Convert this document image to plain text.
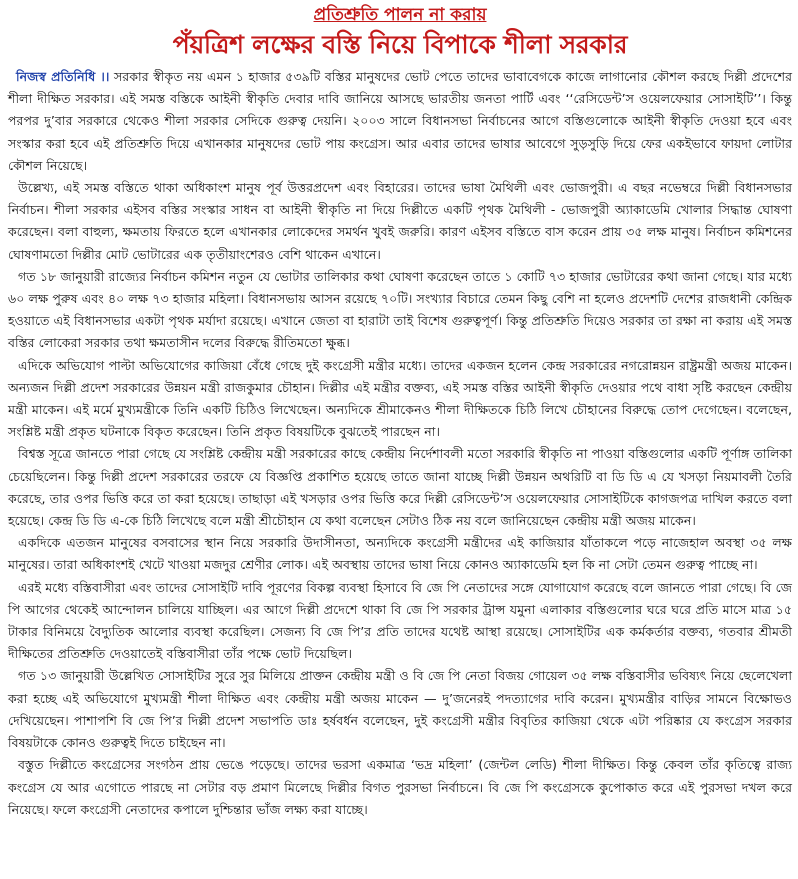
প্রতিশ্রুতি পালন না করায়
পঁয়ত্রিশ লক্ষের বস্তি নিয়ে বিপাকে শীলা সরকার

নিজস্ব প্রতিনিধি ।। সরকার স্বীকৃত নয় এমন ১ হাজার ৫৩৯টি বস্তির মানুষদের ভোট পেতে তাদের ভাবাবেগকে কাজে লাগানোর কৌশল করছে দিল্লী প্রদেশের শীলা দীক্ষিত সরকার। এই সমস্ত বস্তিকে আইনী স্বীকৃতি দেবার দাবি জানিয়ে আসছে ভারতীয় জনতা পার্টি এবং ‘‘রেসিডেন্ট’স ওয়েলফেয়ার সোসাইটি’’। কিন্তু পরপর দু’বার সরকারে থেকেও শীলা সরকার সেদিকে গুরুত্ব দেয়নি। ২০০৩ সালে বিধানসভা নির্বাচনের আগে বস্তিগুলোকে আইনী স্বীকৃতি দেওয়া হবে এবং সংস্কার করা হবে এই প্রতিশ্রুতি দিয়ে এখানকার মানুষদের ভোট পায় কংগ্রেস। আর এবার তাদের ভাষার আবেগে সুড়সুড়ি দিয়ে ফের একইভাবে ফায়দা লোটার কৌশল নিয়েছে।

উল্লেখ্য, এই সমস্ত বস্তিতে থাকা অধিকাংশ মানুষ পূর্ব উত্তরপ্রদেশ এবং বিহারের। তাদের ভাষা মৈথিলী এবং ভোজপুরী। এ বছর নভেম্বরে দিল্লী বিধানসভার নির্বাচন। শীলা সরকার এইসব বস্তির সংস্কার সাধন বা আইনী স্বীকৃতি না দিয়ে দিল্লীতে একটি পৃথক মৈথিলী - ভোজপুরী অ্যাকাডেমি খোলার সিদ্ধান্ত ঘোষণা করেছেন। বলা বাহুল্য, ক্ষমতায় ফিরতে হলে এখানকার লোকেদের সমর্থন খুবই জরুরি। কারণ এইসব বস্তিতে বাস করেন প্রায় ৩৫ লক্ষ মানুষ। নির্বাচন কমিশনের ঘোষণামতো দিল্লীর মোট ভোটারের এক তৃতীয়াংশেরও বেশি থাকেন এখানে।

গত ১৮ জানুয়ারী রাজ্যের নির্বাচন কমিশন নতুন যে ভোটার তালিকার কথা ঘোষণা করেছেন তাতে ১ কোটি ৭৩ হাজার ভোটারের কথা জানা গেছে। যার মধ্যে ৬০ লক্ষ পুরুষ এবং ৪০ লক্ষ ৭৩ হাজার মহিলা। বিধানসভায় আসন রয়েছে ৭০টি। সংখ্যার বিচারে তেমন কিছু বেশি না হলেও প্রদেশটি দেশের রাজধানী কেন্দ্রিক হওয়াতে এই বিধানসভার একটা পৃথক মর্যাদা রয়েছে। এখানে জেতা বা হারাটা তাই বিশেষ গুরুত্বপূর্ণ। কিন্তু প্রতিশ্রুতি দিয়েও সরকার তা রক্ষা না করায় এই সমস্ত বস্তির লোকেরা সরকার তথা ক্ষমতাসীন দলের বিরুদ্ধে রীতিমতো ক্ষুব্ধ।

এদিকে অভিযোগ পাল্টা অভিযোগের কাজিয়া বেঁধে গেছে দুই কংগ্রেসী মন্ত্রীর মধ্যে। তাদের একজন হলেন কেন্দ্র সরকারের নগরোন্নয়ন রাষ্ট্রমন্ত্রী অজয় মাকেন। অন্যজন দিল্লী প্রদেশ সরকারের উন্নয়ন মন্ত্রী রাজকুমার চৌহান। দিল্লীর এই মন্ত্রীর বক্তব্য, এই সমস্ত বস্তির আইনী স্বীকৃতি দেওয়ার পথে বাধা সৃষ্টি করছেন কেন্দ্রীয় মন্ত্রী মাকেন। এই মর্মে মুখ্যমন্ত্রীকে তিনি একটি চিঠিও লিখেছেন। অন্যদিকে শ্রীমাকেনও শীলা দীক্ষিতকে চিঠি লিখে চৌহানের বিরুদ্ধে তোপ দেগেছেন। বলেছেন, সংশ্লিষ্ট মন্ত্রী প্রকৃত ঘটনাকে বিকৃত করেছেন। তিনি প্রকৃত বিষয়টিকে বুঝতেই পারছেন না।

বিশ্বস্ত সূত্রে জানতে পারা গেছে যে সংশ্লিষ্ট কেন্দ্রীয় মন্ত্রী সরকারের কাছে কেন্দ্রীয় নির্দেশাবলী মতো সরকারি স্বীকৃতি না পাওয়া বস্তিগুলোর একটি পূর্ণাঙ্গ তালিকা চেয়েছিলেন। কিন্তু দিল্লী প্রদেশ সরকারের তরফে যে বিজ্ঞপ্তি প্রকাশিত হয়েছে তাতে জানা যাচ্ছে দিল্লী উন্নয়ন অথরিটি বা ডি ডি এ যে খসড়া নিয়মাবলী তৈরি করেছে, তার ওপর ভিত্তি করে তা করা হয়েছে। তাছাড়া এই খসড়ার ওপর ভিত্তি করে দিল্লী রেসিডেন্ট’স ওয়েলফেয়ার সোসাইটিকে কাগজপত্র দাখিল করতে বলা হয়েছে। কেন্দ্র ডি ডি এ-কে চিঠি লিখেছে বলে মন্ত্রী শ্রীচৌহান যে কথা বলেছেন সেটাও ঠিক নয় বলে জানিয়েছেন কেন্দ্রীয় মন্ত্রী অজয় মাকেন।

একদিকে এতজন মানুষের বসবাসের স্থান নিয়ে সরকারি উদাসীনতা, অন্যদিকে কংগ্রেসী মন্ত্রীদের এই কাজিয়ার যাঁতাকলে পড়ে নাজেহাল অবস্থা ৩৫ লক্ষ মানুষের। তারা অধিকাংশই খেটে খাওয়া মজদুর শ্রেণীর লোক। এই অবস্থায় তাদের ভাষা নিয়ে কোনও অ্যাকাডেমি হল কি না সেটা তেমন গুরুত্ব পাচ্ছে না।

এরই মধ্যে বস্তিবাসীরা এবং তাদের সোসাইটি দাবি পূরণের বিকল্প ব্যবস্থা হিসাবে বি জে পি নেতাদের সঙ্গে যোগাযোগ করেছে বলে জানতে পারা গেছে। বি জে পি আগের থেকেই আন্দোলন চালিয়ে যাচ্ছিল। এর আগে দিল্লী প্রদেশে থাকা বি জে পি সরকার ট্রান্স যমুনা এলাকার বস্তিগুলোর ঘরে ঘরে প্রতি মাসে মাত্র ১৫ টাকার বিনিময়ে বৈদ্যুতিক আলোর ব্যবস্থা করেছিল। সেজন্য বি জে পি’র প্রতি তাদের যথেষ্ট আস্থা রয়েছে। সোসাইটির এক কর্মকর্তার বক্তব্য, গতবার শ্রীমতী দীক্ষিতের প্রতিশ্রুতি দেওয়াতেই বস্তিবাসীরা তাঁর পক্ষে ভোট দিয়েছিল।

গত ১৩ জানুয়ারী উল্লেখিত সোসাইটির সুরে সুর মিলিয়ে প্রাক্তন কেন্দ্রীয় মন্ত্রী ও বি জে পি নেতা বিজয় গোয়েল ৩৫ লক্ষ বস্তিবাসীর ভবিষ্যৎ নিয়ে ছেলেখেলা করা হচ্ছে এই অভিযোগে মুখ্যমন্ত্রী শীলা দীক্ষিত এবং কেন্দ্রীয় মন্ত্রী অজয় মাকেন — দু’জনেরই পদত্যাগের দাবি করেন। মুখ্যমন্ত্রীর বাড়ির সামনে বিক্ষোভও দেখিয়েছেন। পাশাপশি বি জে পি’র দিল্লী প্রদেশ সভাপতি ডাঃ হর্ষবর্ধন বলেছেন, দুই কংগ্রেসী মন্ত্রীর বিবৃতির কাজিয়া থেকে এটা পরিষ্কার যে কংগ্রেস সরকার বিষয়টাকে কোনও গুরুত্বই দিতে চাইছেন না।

বস্তুত দিল্লীতে কংগ্রেসের সংগঠন প্রায় ভেঙে পড়েছে। তাদের ভরসা একমাত্র ‘ভদ্র মহিলা’ (জেন্টল লেডি) শীলা দীক্ষিত। কিন্তু কেবল তাঁর কৃতিত্বে রাজ্য কংগ্রেস যে আর এগোতে পারছে না সেটার বড় প্রমাণ মিলেছে দিল্লীর বিগত পুরসভা নির্বাচনে। বি জে পি কংগ্রেসকে কুপোকাত করে এই পুরসভা দখল করে নিয়েছে। ফলে কংগ্রেসী নেতাদের কপালে দুশ্চিন্তার ভাঁজ লক্ষ্য করা যাচ্ছে।
